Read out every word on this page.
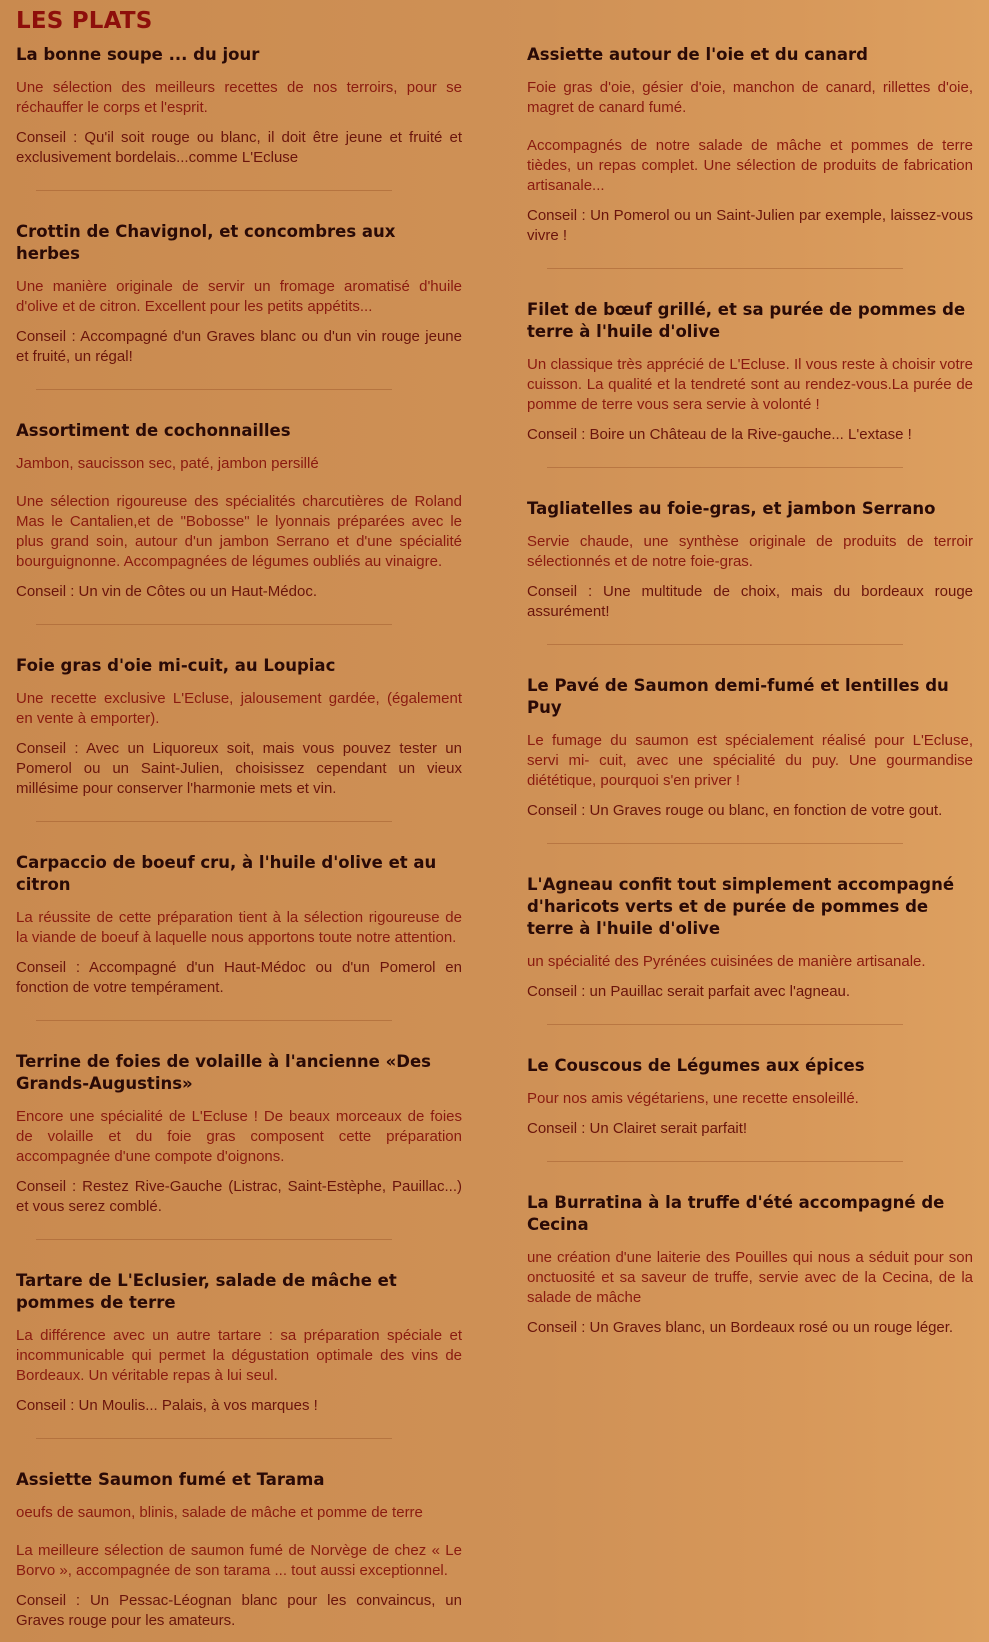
LES PLATS
La bonne soupe ... du jour

Une sélection des meilleurs recettes de nos terroirs, pour se réchauffer le corps et l'esprit.

Conseil : Qu'il soit rouge ou blanc, il doit être jeune et fruité et exclusivement bordelais...comme L'Ecluse

Crottin de Chavignol, et concombres aux herbes

Une manière originale de servir un fromage aromatisé d'huile d'olive et de citron. Excellent pour les petits appétits...

Conseil : Accompagné d'un Graves blanc ou d'un vin rouge jeune et fruité, un régal!

Assortiment de cochonnailles

Jambon, saucisson sec, paté, jambon persillé

Une sélection rigoureuse des spécialités charcutières de Roland Mas le Cantalien,et de "Bobosse" le lyonnais préparées avec le plus grand soin, autour d'un jambon Serrano et d'une spécialité bourguignonne. Accompagnées de légumes oubliés au vinaigre.

Conseil : Un vin de Côtes ou un Haut-Médoc.

Foie gras d'oie mi-cuit, au Loupiac

Une recette exclusive L'Ecluse, jalousement gardée, (également en vente à emporter).

Conseil : Avec un Liquoreux soit, mais vous pouvez tester un Pomerol ou un Saint-Julien, choisissez cependant un vieux millésime pour conserver l'harmonie mets et vin.

Carpaccio de boeuf cru, à l'huile d'olive et au citron

La réussite de cette préparation tient à la sélection rigoureuse de la viande de boeuf à laquelle nous apportons toute notre attention.

Conseil : Accompagné d'un Haut-Médoc ou d'un Pomerol en fonction de votre tempérament.

Terrine de foies de volaille à l'ancienne «Des Grands-Augustins»

Encore une spécialité de L'Ecluse ! De beaux morceaux de foies de volaille et du foie gras composent cette préparation accompagnée d'une compote d'oignons.

Conseil : Restez Rive-Gauche (Listrac, Saint-Estèphe, Pauillac...) et vous serez comblé.

Tartare de L'Eclusier, salade de mâche et pommes de terre

La différence avec un autre tartare : sa préparation spéciale et incommunicable qui permet la dégustation optimale des vins de Bordeaux. Un véritable repas à lui seul.

Conseil : Un Moulis... Palais, à vos marques !

Assiette Saumon fumé et Tarama

oeufs de saumon, blinis, salade de mâche et pomme de terre

La meilleure sélection de saumon fumé de Norvège de chez « Le Borvo », accompagnée de son tarama ... tout aussi exceptionnel.

Conseil : Un Pessac-Léognan blanc pour les convaincus, un Graves rouge pour les amateurs.

Assiette autour de l'oie et du canard

Foie gras d'oie, gésier d'oie, manchon de canard, rillettes d'oie, magret de canard fumé.

Accompagnés de notre salade de mâche et pommes de terre tièdes, un repas complet. Une sélection de produits de fabrication artisanale...

Conseil : Un Pomerol ou un Saint-Julien par exemple, laissez-vous vivre !

Filet de bœuf grillé, et sa purée de pommes de terre à l'huile d'olive

Un classique très apprécié de L'Ecluse. Il vous reste à choisir votre cuisson. La qualité et la tendreté sont au rendez-vous.La purée de pomme de terre vous sera servie à volonté !

Conseil : Boire un Château de la Rive-gauche... L'extase !

Tagliatelles au foie-gras, et jambon Serrano

Servie chaude, une synthèse originale de produits de terroir sélectionnés et de notre foie-gras.

Conseil : Une multitude de choix, mais du bordeaux rouge assurément!

Le Pavé de Saumon demi-fumé et lentilles du Puy

Le fumage du saumon est spécialement réalisé pour L'Ecluse, servi mi- cuit, avec une spécialité du puy. Une gourmandise diététique, pourquoi s'en priver !

Conseil : Un Graves rouge ou blanc, en fonction de votre gout.

L'Agneau confit tout simplement accompagné d'haricots verts et de purée de pommes de terre à l'huile d'olive

un spécialité des Pyrénées cuisinées de manière artisanale.

Conseil : un Pauillac serait parfait avec l'agneau.

Le Couscous de Légumes aux épices

Pour nos amis végétariens, une recette ensoleillé.

Conseil : Un Clairet serait parfait!

La Burratina à la truffe d'été accompagné de Cecina

une création d'une laiterie des Pouilles qui nous a séduit pour son onctuosité et sa saveur de truffe, servie avec de la Cecina, de la salade de mâche

Conseil : Un Graves blanc, un Bordeaux rosé ou un rouge léger.
